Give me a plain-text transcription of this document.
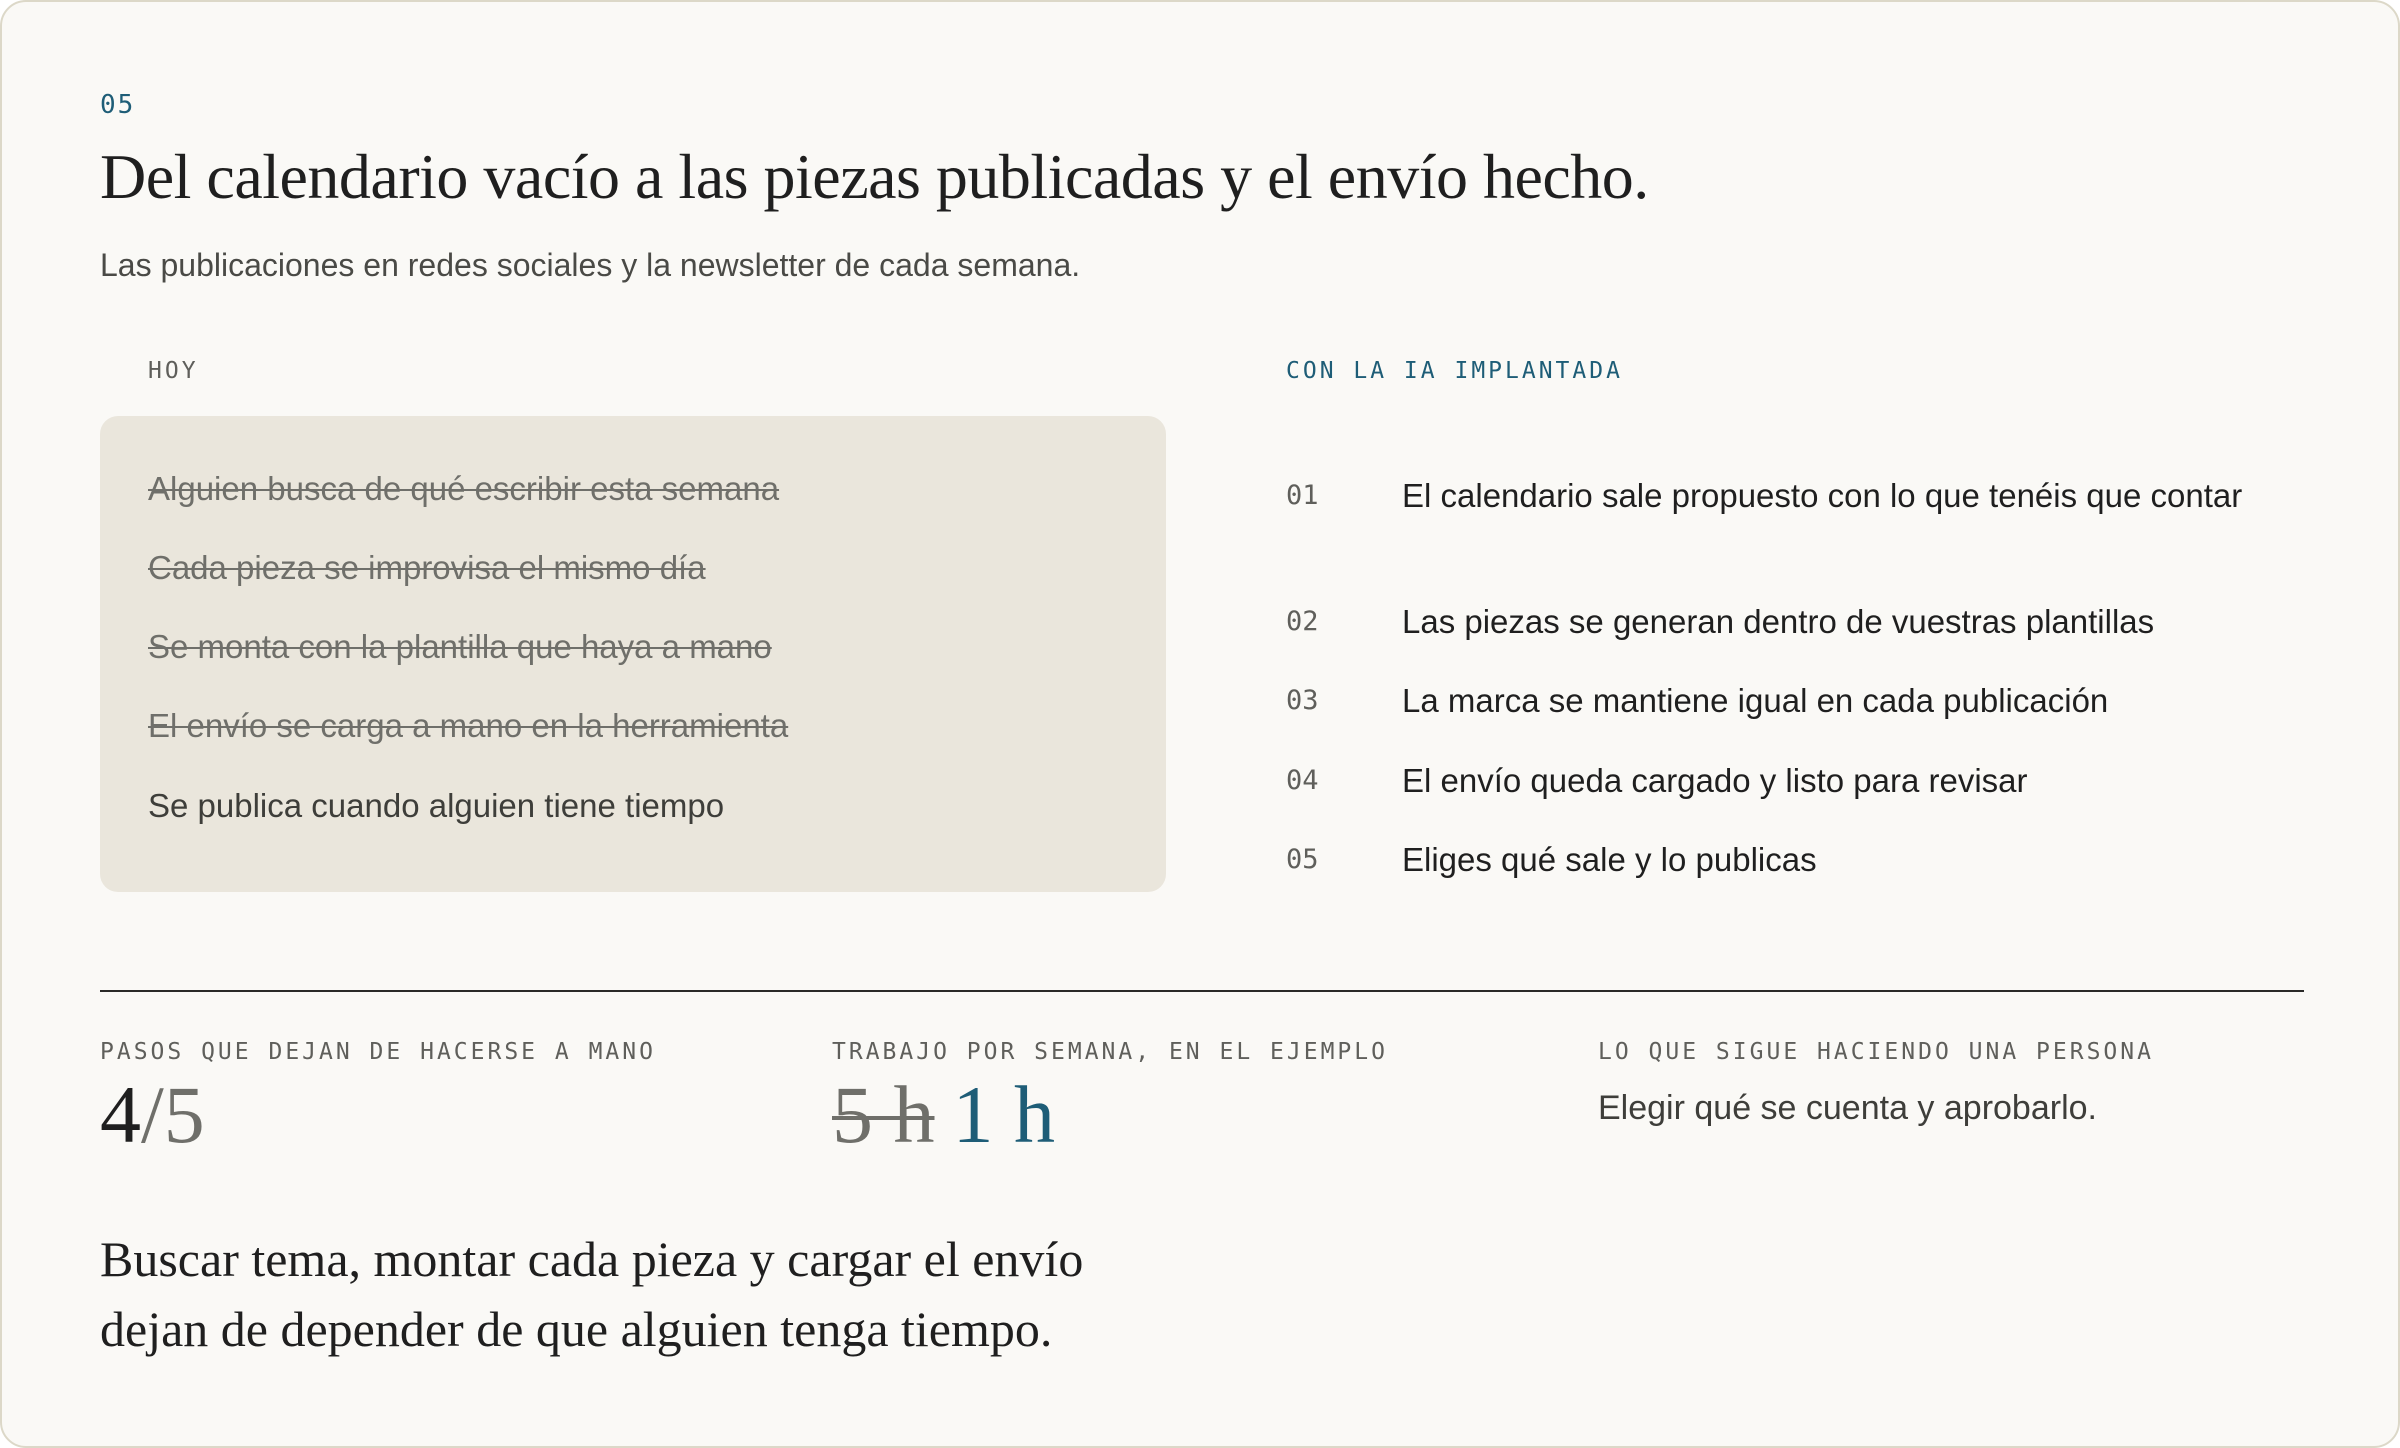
05
Del calendario vacío a las piezas publicadas y el envío hecho.
Las publicaciones en redes sociales y la newsletter de cada semana.
HOY	CON LA IA IMPLANTADA
Alguien busca de qué escribir esta semana
Cada pieza se improvisa el mismo día
Se monta con la plantilla que haya a mano
El envío se carga a mano en la herramienta
Se publica cuando alguien tiene tiempo
01	El calendario sale propuesto con lo que tenéis que contar
02	Las piezas se generan dentro de vuestras plantillas
03	La marca se mantiene igual en cada publicación
04	El envío queda cargado y listo para revisar
05	Eliges qué sale y lo publicas
PASOS QUE DEJAN DE HACERSE A MANO
4/5
TRABAJO POR SEMANA, EN EL EJEMPLO
5 h 1 h
LO QUE SIGUE HACIENDO UNA PERSONA
Elegir qué se cuenta y aprobarlo.
Buscar tema, montar cada pieza y cargar el envío
dejan de depender de que alguien tenga tiempo.
